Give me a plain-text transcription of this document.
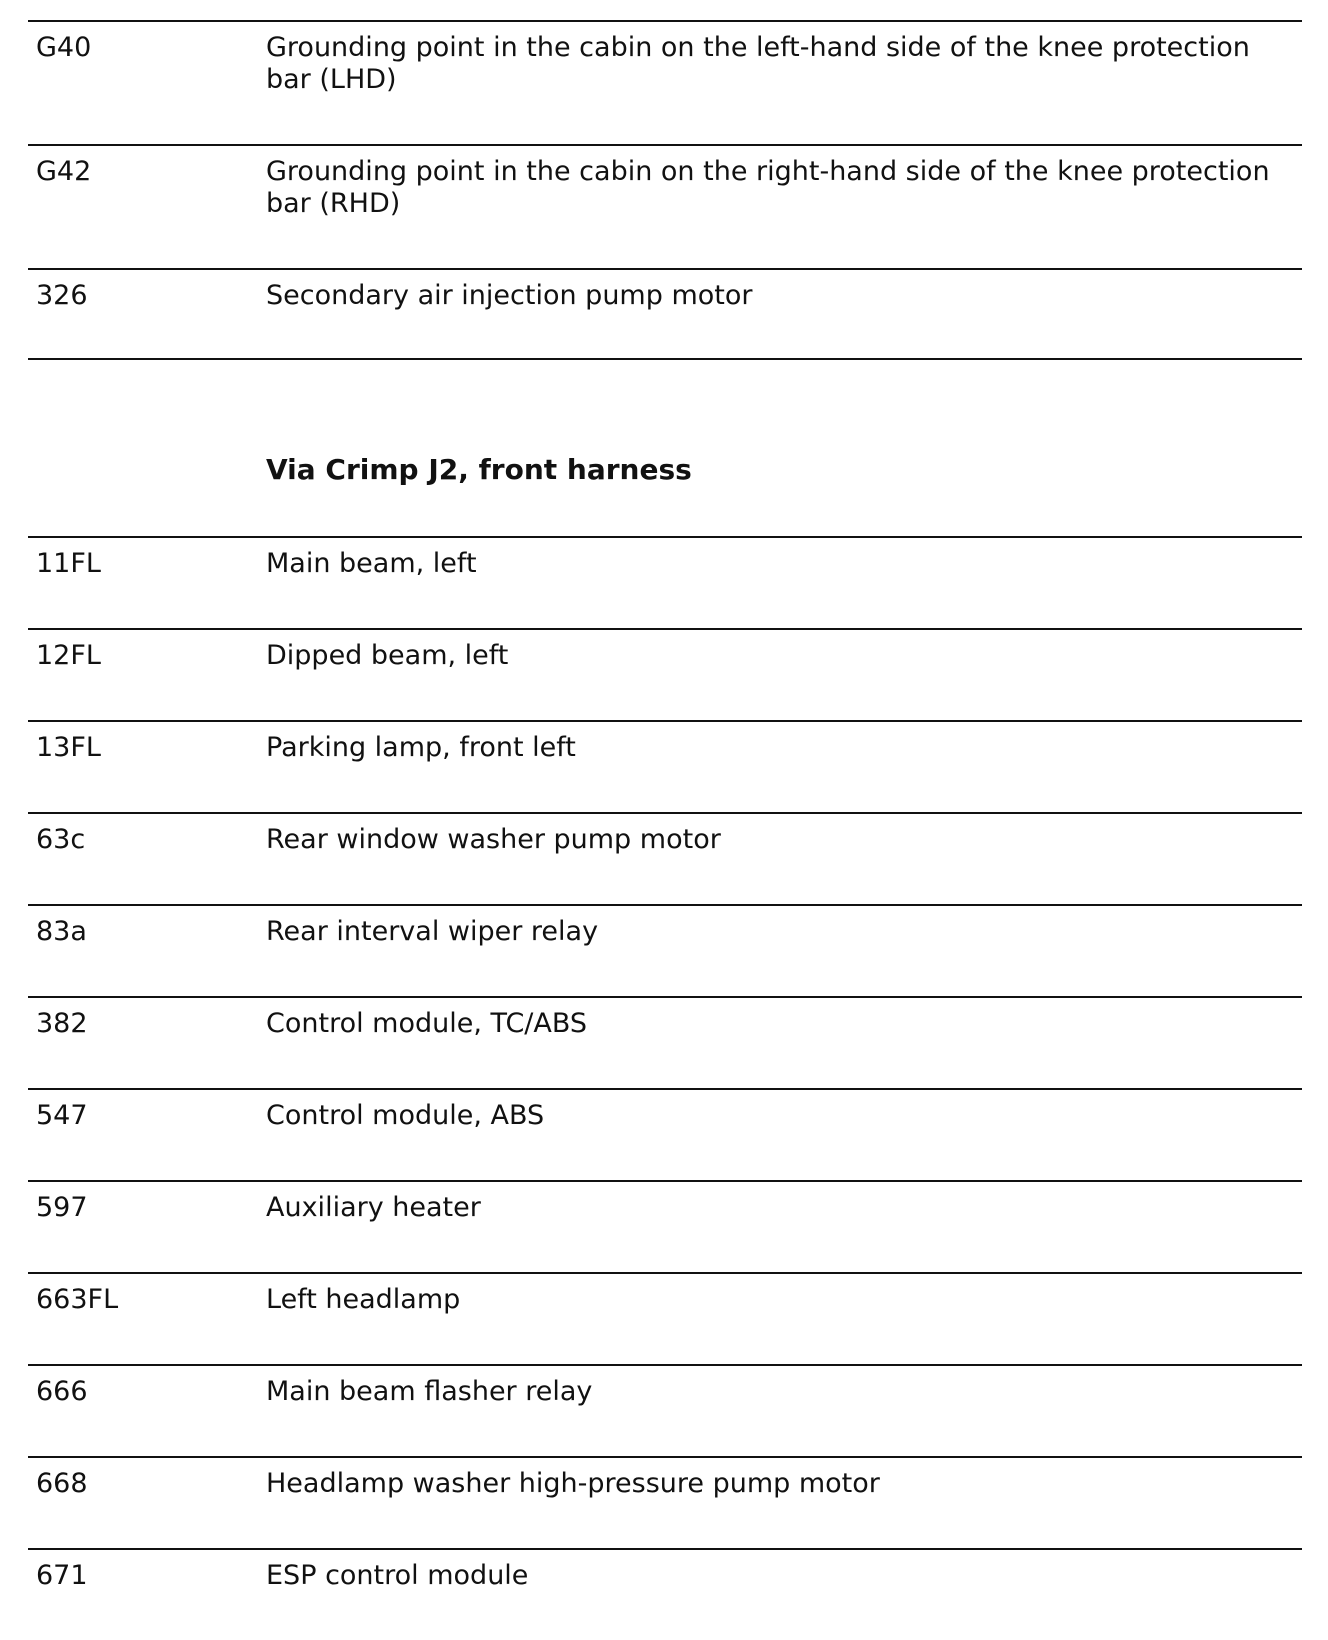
G40	Grounding point in the cabin on the left-hand side of the knee protection bar (LHD)
G42	Grounding point in the cabin on the right-hand side of the knee protection bar (RHD)
326	Secondary air injection pump motor
Via Crimp J2, front harness
11FL	Main beam, left
12FL	Dipped beam, left
13FL	Parking lamp, front left
63c	Rear window washer pump motor
83a	Rear interval wiper relay
382	Control module, TC/ABS
547	Control module, ABS
597	Auxiliary heater
663FL	Left headlamp
666	Main beam flasher relay
668	Headlamp washer high-pressure pump motor
671	ESP control module
